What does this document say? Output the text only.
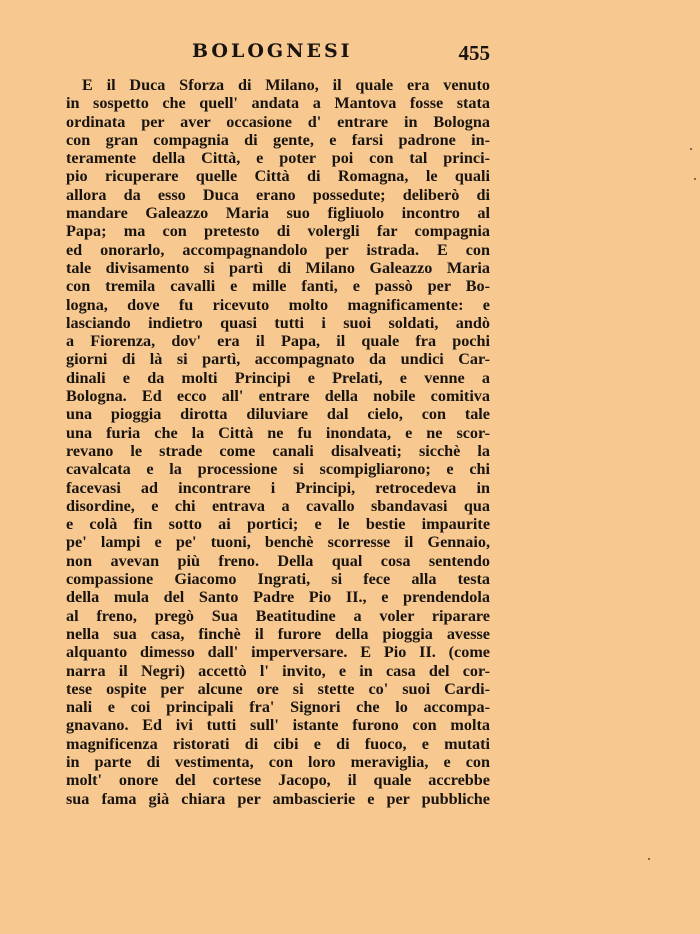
BOLOGNESI	455
E il Duca Sforza di Milano, il quale era venuto
in sospetto che quell' andata a Mantova fosse stata
ordinata per aver occasione d' entrare in Bologna
con gran compagnia di gente, e farsi padrone in-
teramente della Città, e poter poi con tal princi-
pio ricuperare quelle Città di Romagna, le quali
allora da esso Duca erano possedute; deliberò di
mandare Galeazzo Maria suo figliuolo incontro al
Papa; ma con pretesto di volergli far compagnia
ed onorarlo, accompagnandolo per istrada. E con
tale divisamento si partì di Milano Galeazzo Maria
con tremila cavalli e mille fanti, e passò per Bo-
logna, dove fu ricevuto molto magnificamente: e
lasciando indietro quasi tutti i suoi soldati, andò
a Fiorenza, dov' era il Papa, il quale fra pochi
giorni di là si partì, accompagnato da undici Car-
dinali e da molti Principi e Prelati, e venne a
Bologna. Ed ecco all' entrare della nobile comitiva
una pioggia dirotta diluviare dal cielo, con tale
una furia che la Città ne fu inondata, e ne scor-
revano le strade come canali disalveati; sicchè la
cavalcata e la processione si scompigliarono; e chi
facevasi ad incontrare i Principi, retrocedeva in
disordine, e chi entrava a cavallo sbandavasi qua
e colà fin sotto ai portici; e le bestie impaurite
pe' lampi e pe' tuoni, benchè scorresse il Gennaio,
non avevan più freno. Della qual cosa sentendo
compassione Giacomo Ingrati, si fece alla testa
della mula del Santo Padre Pio II., e prendendola
al freno, pregò Sua Beatitudine a voler riparare
nella sua casa, finchè il furore della pioggia avesse
alquanto dimesso dall' imperversare. E Pio II. (come
narra il Negri) accettò l' invito, e in casa del cor-
tese ospite per alcune ore si stette co' suoi Cardi-
nali e coi principali fra' Signori che lo accompa-
gnavano. Ed ivi tutti sull' istante furono con molta
magnificenza ristorati di cibi e di fuoco, e mutati
in parte di vestimenta, con loro meraviglia, e con
molt' onore del cortese Jacopo, il quale accrebbe
sua fama già chiara per ambascierie e per pubbliche
